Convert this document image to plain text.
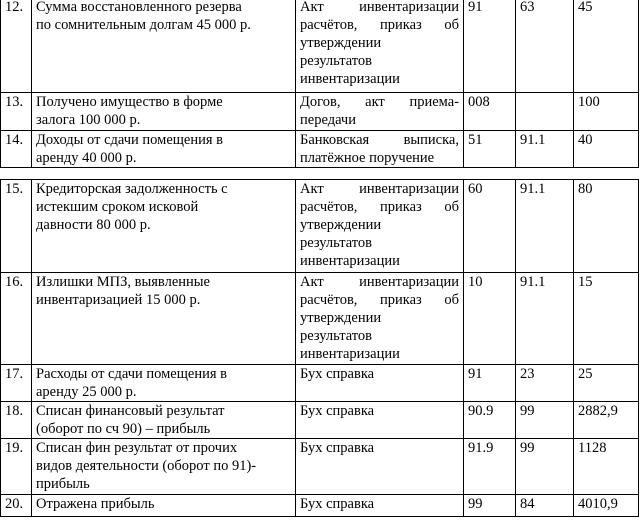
12.	Сумма восстановленного резерва
по сомнительным долгам 45 000 р.	Акт инвентаризации
расчётов, приказ об
утверждении
результатов
инвентаризации	91	63	45
13.	Получено имущество в форме
залога 100 000 р.	Догов, акт приема-
передачи	008		100
14.	Доходы от сдачи помещения в
аренду 40 000 р.	Банковская выписка,
платёжное поручение	51	91.1	40
15.	Кредиторская задолженность с
истекшим сроком исковой
давности 80 000 р.	Акт инвентаризации
расчётов, приказ об
утверждении
результатов
инвентаризации	60	91.1	80
16.	Излишки МПЗ, выявленные
инвентаризацией 15 000 р.	Акт инвентаризации
расчётов, приказ об
утверждении
результатов
инвентаризации	10	91.1	15
17.	Расходы от сдачи помещения в
аренду 25 000 р.	Бух справка	91	23	25
18.	Списан финансовый результат
(оборот по сч 90) – прибыль	Бух справка	90.9	99	2882,9
19.	Списан фин результат от прочих
видов деятельности (оборот по 91)-
прибыль	Бух справка	91.9	99	1128
20.	Отражена прибыль	Бух справка	99	84	4010,9
